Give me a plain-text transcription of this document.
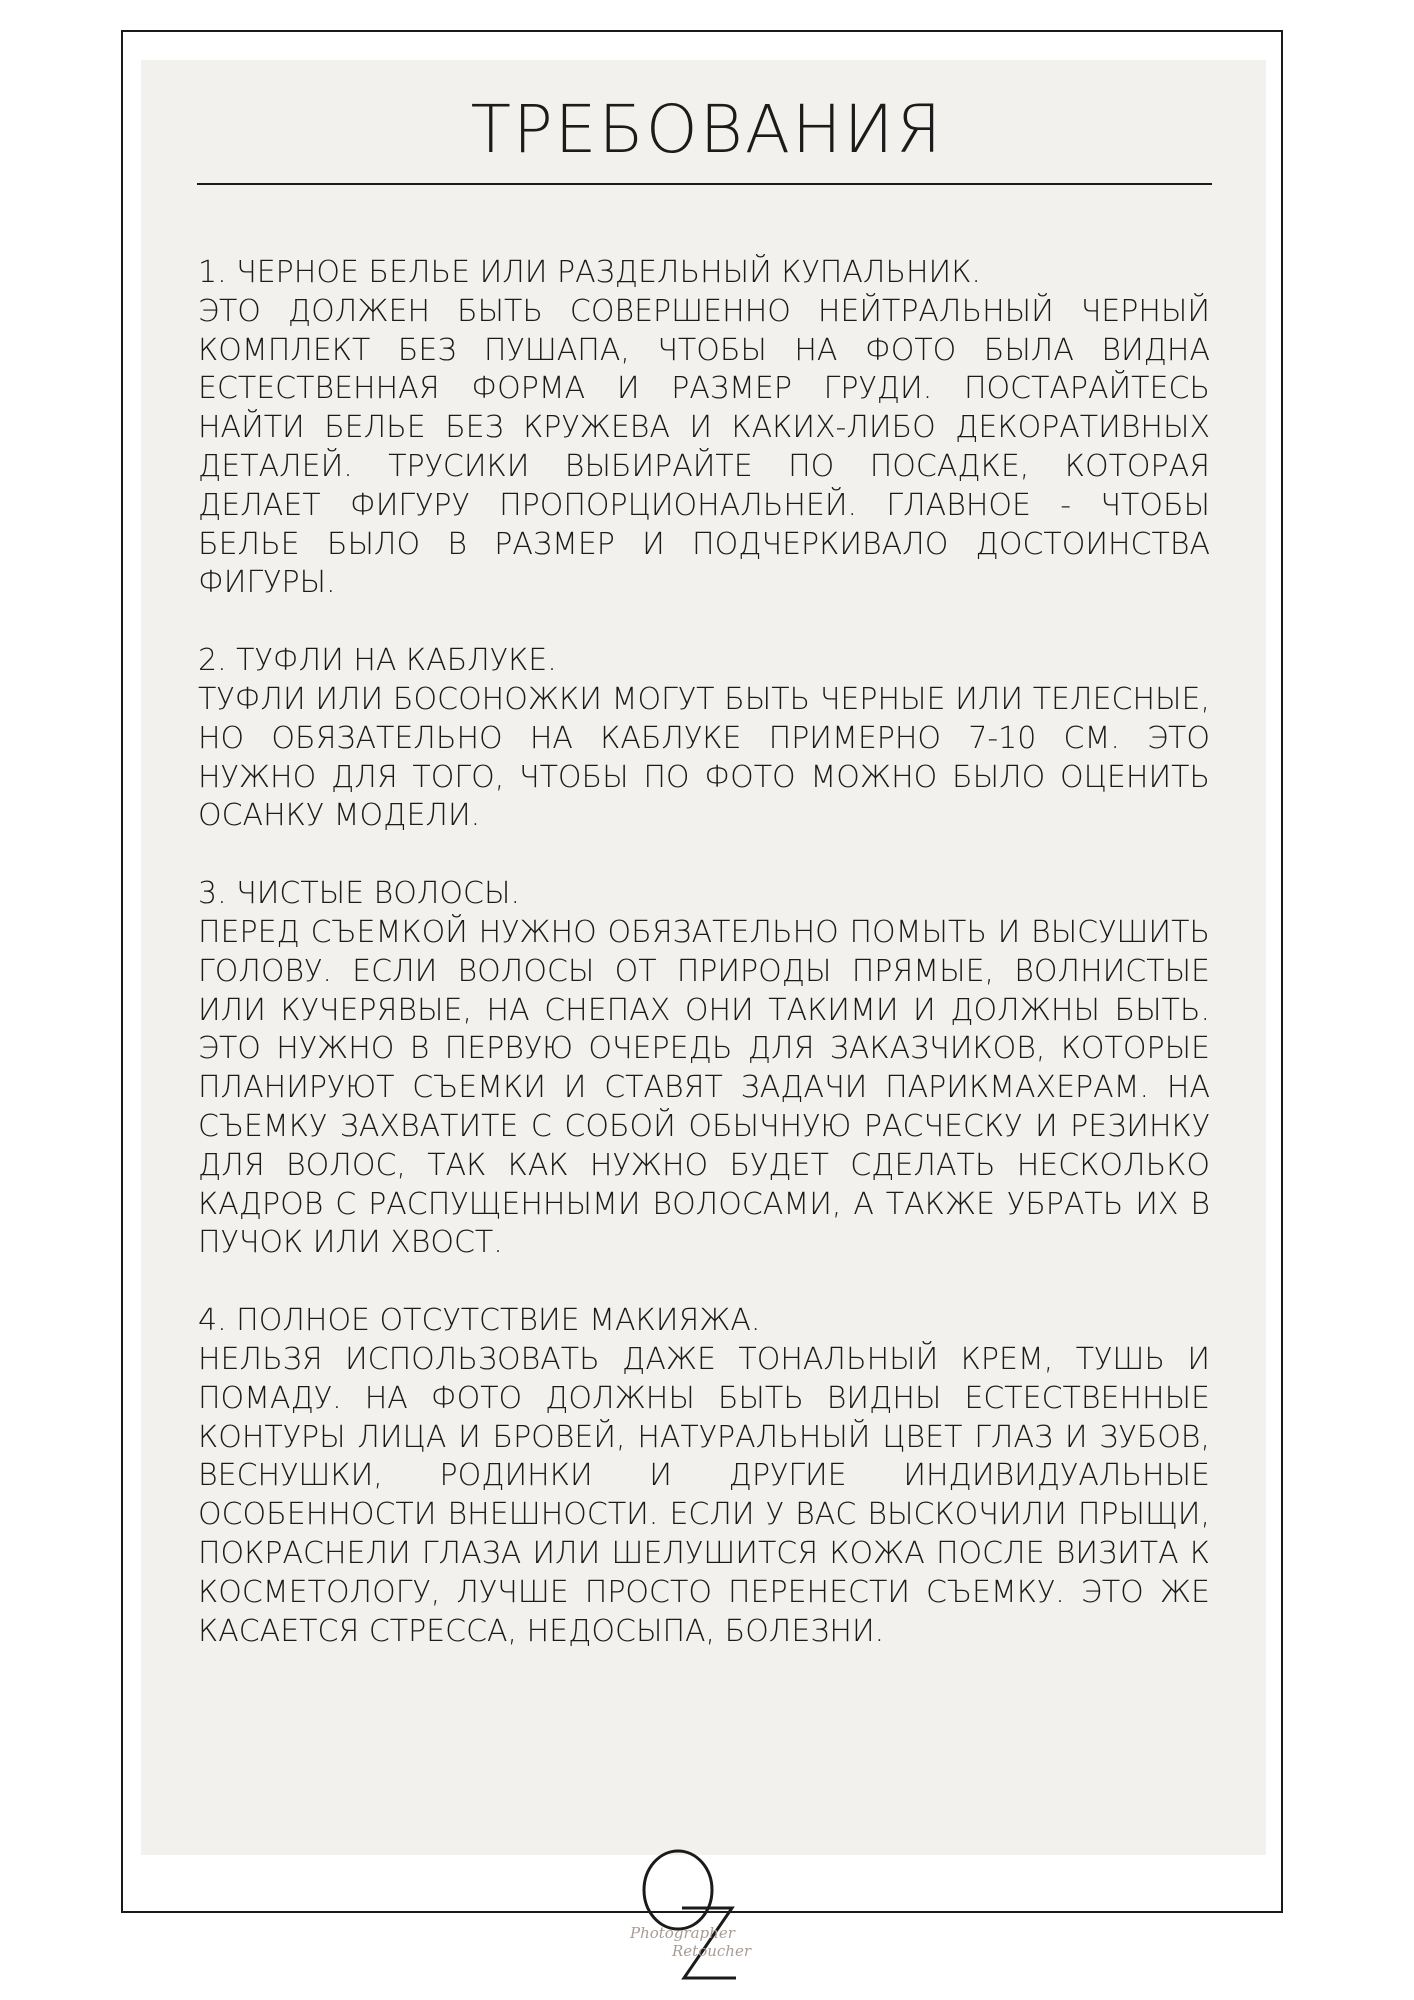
ТРЕБОВАНИЯ
1. ЧЕРНОЕ БЕЛЬЕ ИЛИ РАЗДЕЛЬНЫЙ КУПАЛЬНИК.

ЭТО ДОЛЖЕН БЫТЬ СОВЕРШЕННО НЕЙТРАЛЬНЫЙ ЧЕРНЫЙ КОМПЛЕКТ БЕЗ ПУШАПА, ЧТОБЫ НА ФОТО БЫЛА ВИДНА ЕСТЕСТВЕННАЯ ФОРМА И РАЗМЕР ГРУДИ. ПОСТАРАЙТЕСЬ НАЙТИ БЕЛЬЕ БЕЗ КРУЖЕВА И КАКИХ-ЛИБО ДЕКОРАТИВНЫХ ДЕТАЛЕЙ. ТРУСИКИ ВЫБИРАЙТЕ ПО ПОСАДКЕ, КОТОРАЯ ДЕЛАЕТ ФИГУРУ ПРОПОРЦИОНАЛЬНЕЙ. ГЛАВНОЕ - ЧТОБЫ БЕЛЬЕ БЫЛО В РАЗМЕР И ПОДЧЕРКИВАЛО ДОСТОИНСТВА ФИГУРЫ.

2. ТУФЛИ НА КАБЛУКЕ.

ТУФЛИ ИЛИ БОСОНОЖКИ МОГУТ БЫТЬ ЧЕРНЫЕ ИЛИ ТЕЛЕСНЫЕ, НО ОБЯЗАТЕЛЬНО НА КАБЛУКЕ ПРИМЕРНО 7-10 СМ. ЭТО НУЖНО ДЛЯ ТОГО, ЧТОБЫ ПО ФОТО МОЖНО БЫЛО ОЦЕНИТЬ ОСАНКУ МОДЕЛИ.

3. ЧИСТЫЕ ВОЛОСЫ.

ПЕРЕД СЪЕМКОЙ НУЖНО ОБЯЗАТЕЛЬНО ПОМЫТЬ И ВЫСУШИТЬ ГОЛОВУ. ЕСЛИ ВОЛОСЫ ОТ ПРИРОДЫ ПРЯМЫЕ, ВОЛНИСТЫЕ ИЛИ КУЧЕРЯВЫЕ, НА СНЕПАХ ОНИ ТАКИМИ И ДОЛЖНЫ БЫТЬ. ЭТО НУЖНО В ПЕРВУЮ ОЧЕРЕДЬ ДЛЯ ЗАКАЗЧИКОВ, КОТОРЫЕ ПЛАНИРУЮТ СЪЕМКИ И СТАВЯТ ЗАДАЧИ ПАРИКМАХЕРАМ. НА СЪЕМКУ ЗАХВАТИТЕ С СОБОЙ ОБЫЧНУЮ РАСЧЕСКУ И РЕЗИНКУ ДЛЯ ВОЛОС, ТАК КАК НУЖНО БУДЕТ СДЕЛАТЬ НЕСКОЛЬКО КАДРОВ С РАСПУЩЕННЫМИ ВОЛОСАМИ, А ТАКЖЕ УБРАТЬ ИХ В ПУЧОК ИЛИ ХВОСТ.

4. ПОЛНОЕ ОТСУТСТВИЕ МАКИЯЖА.

НЕЛЬЗЯ ИСПОЛЬЗОВАТЬ ДАЖЕ ТОНАЛЬНЫЙ КРЕМ, ТУШЬ И ПОМАДУ. НА ФОТО ДОЛЖНЫ БЫТЬ ВИДНЫ ЕСТЕСТВЕННЫЕ КОНТУРЫ ЛИЦА И БРОВЕЙ, НАТУРАЛЬНЫЙ ЦВЕТ ГЛАЗ И ЗУБОВ, ВЕСНУШКИ, РОДИНКИ И ДРУГИЕ ИНДИВИДУАЛЬНЫЕ ОСОБЕННОСТИ ВНЕШНОСТИ. ЕСЛИ У ВАС ВЫСКОЧИЛИ ПРЫЩИ, ПОКРАСНЕЛИ ГЛАЗА ИЛИ ШЕЛУШИТСЯ КОЖА ПОСЛЕ ВИЗИТА К КОСМЕТОЛОГУ, ЛУЧШЕ ПРОСТО ПЕРЕНЕСТИ СЪЕМКУ. ЭТО ЖЕ КАСАЕТСЯ СТРЕССА, НЕДОСЫПА, БОЛЕЗНИ.

Photographer
Retoucher
